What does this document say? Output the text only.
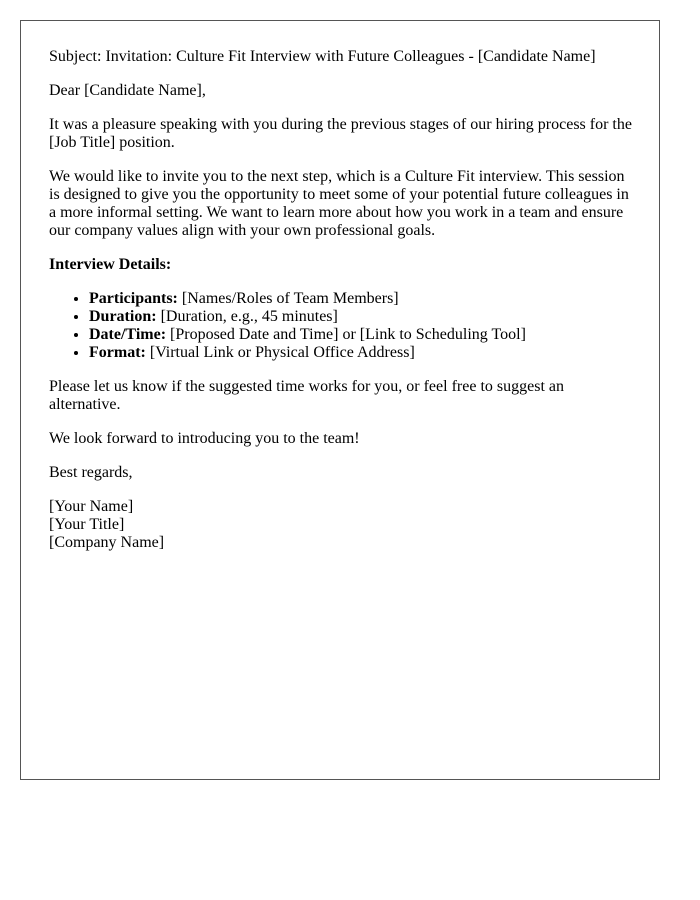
Subject: Invitation: Culture Fit Interview with Future Colleagues - [Candidate Name]

Dear [Candidate Name],

It was a pleasure speaking with you during the previous stages of our hiring process for the [Job Title] position.

We would like to invite you to the next step, which is a Culture Fit interview. This session is designed to give you the opportunity to meet some of your potential future colleagues in a more informal setting. We want to learn more about how you work in a team and ensure our company values align with your own professional goals.

Interview Details:

• Participants: [Names/Roles of Team Members]
• Duration: [Duration, e.g., 45 minutes]
• Date/Time: [Proposed Date and Time] or [Link to Scheduling Tool]
• Format: [Virtual Link or Physical Office Address]

Please let us know if the suggested time works for you, or feel free to suggest an alternative.

We look forward to introducing you to the team!

Best regards,

[Your Name]
[Your Title]
[Company Name]
